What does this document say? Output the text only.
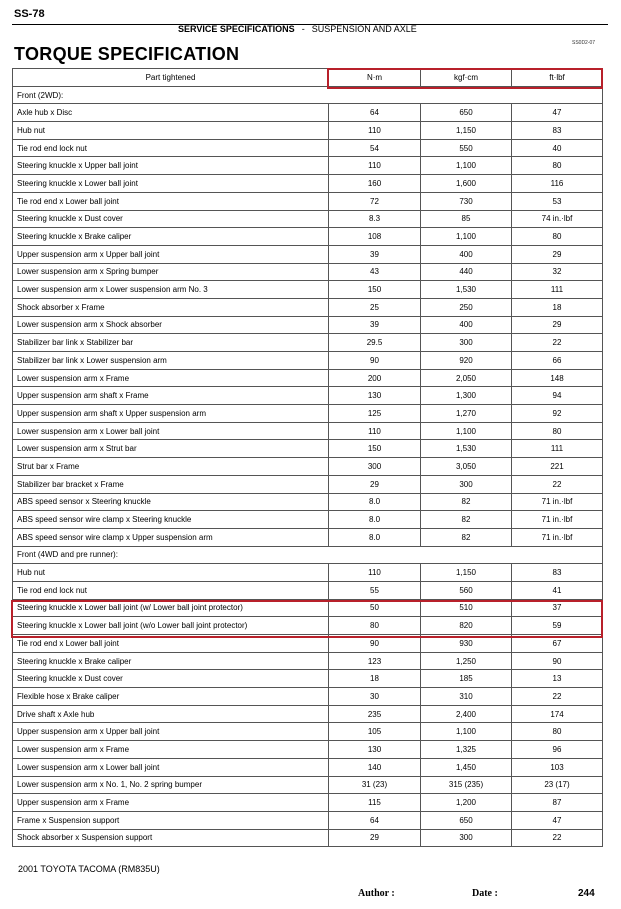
SS-78
SERVICE SPECIFICATIONS - SUSPENSION AND AXLE
SS0D2-07
TORQUE SPECIFICATION
Part tightened	N·m	kgf·cm	ft·lbf
Front (2WD):			
Axle hub x Disc	64	650	47
Hub nut	110	1,150	83
Tie rod end lock nut	54	550	40
Steering knuckle x Upper ball joint	110	1,100	80
Steering knuckle x Lower ball joint	160	1,600	116
Tie rod end x Lower ball joint	72	730	53
Steering knuckle x Dust cover	8.3	85	74 in.·lbf
Steering knuckle x Brake caliper	108	1,100	80
Upper suspension arm x Upper ball joint	39	400	29
Lower suspension arm x Spring bumper	43	440	32
Lower suspension arm x Lower suspension arm No. 3	150	1,530	111
Shock absorber x Frame	25	250	18
Lower suspension arm x Shock absorber	39	400	29
Stabilizer bar link x Stabilizer bar	29.5	300	22
Stabilizer bar link x Lower suspension arm	90	920	66
Lower suspension arm x Frame	200	2,050	148
Upper suspension arm shaft x Frame	130	1,300	94
Upper suspension arm shaft x Upper suspension arm	125	1,270	92
Lower suspension arm x Lower ball joint	110	1,100	80
Lower suspension arm x Strut bar	150	1,530	111
Strut bar x Frame	300	3,050	221
Stabilizer bar bracket x Frame	29	300	22
ABS speed sensor x Steering knuckle	8.0	82	71 in.·lbf
ABS speed sensor wire clamp x Steering knuckle	8.0	82	71 in.·lbf
ABS speed sensor wire clamp x Upper suspension arm	8.0	82	71 in.·lbf
Front (4WD and pre runner):			
Hub nut	110	1,150	83
Tie rod end lock nut	55	560	41
Steering knuckle x Lower ball joint (w/ Lower ball joint protector)	50	510	37
Steering knuckle x Lower ball joint (w/o Lower ball joint protector)	80	820	59
Tie rod end x Lower ball joint	90	930	67
Steering knuckle x Brake caliper	123	1,250	90
Steering knuckle x Dust cover	18	185	13
Flexible hose x Brake caliper	30	310	22
Drive shaft x Axle hub	235	2,400	174
Upper suspension arm x Upper ball joint	105	1,100	80
Lower suspension arm x Frame	130	1,325	96
Lower suspension arm x Lower ball joint	140	1,450	103
Lower suspension arm x No. 1, No. 2 spring bumper	31 (23)	315 (235)	23 (17)
Upper suspension arm x Frame	115	1,200	87
Frame x Suspension support	64	650	47
Shock absorber x Suspension support	29	300	22
2001 TOYOTA TACOMA (RM835U)
Author :	Date :	244
